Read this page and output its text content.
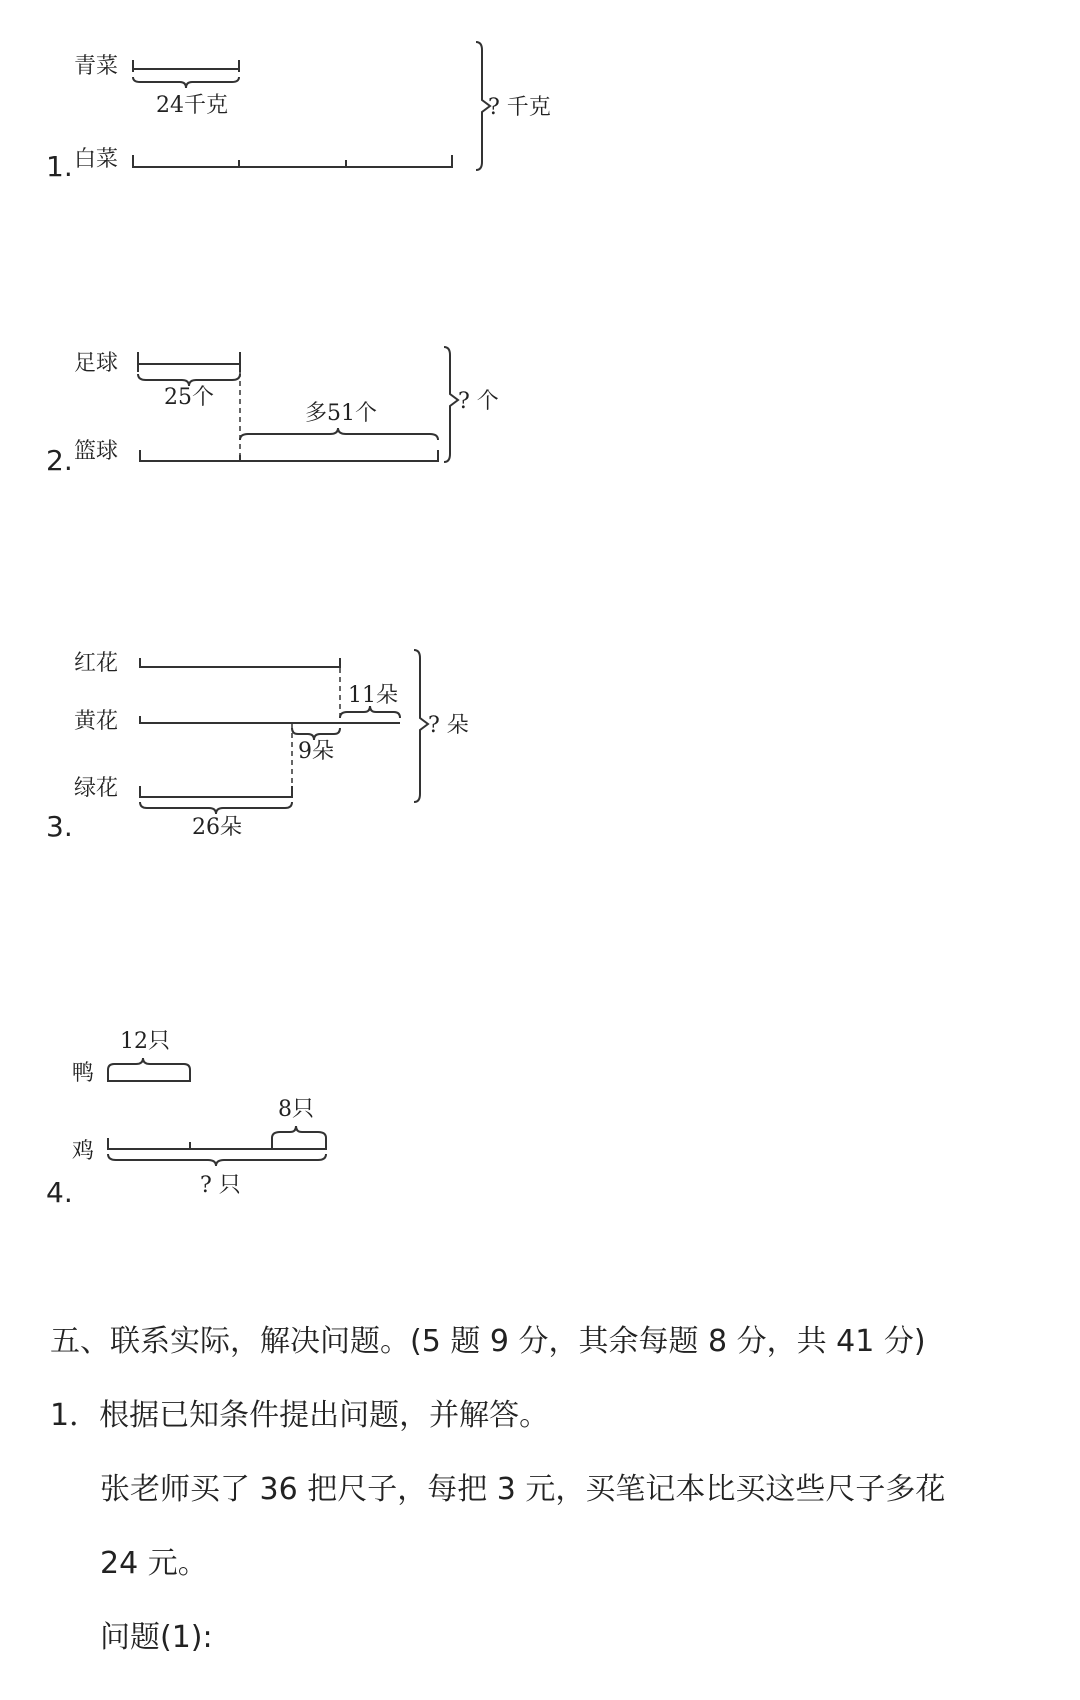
1.
青菜
24千克
白菜
? 千克
2.
足球
25个
篮球
多51个	? 个
3.
红花
11朵
黄花
9朵
绿花
26朵
? 朵
4.
12只
鸭
8只
鸡
? 只
五、联系实际，解决问题。(5 题 9 分，其余每题 8 分，共 41 分)
1．根据已知条件提出问题，并解答。
张老师买了 36 把尺子，每把 3 元，买笔记本比买这些尺子多花
24 元。
问题(1):
